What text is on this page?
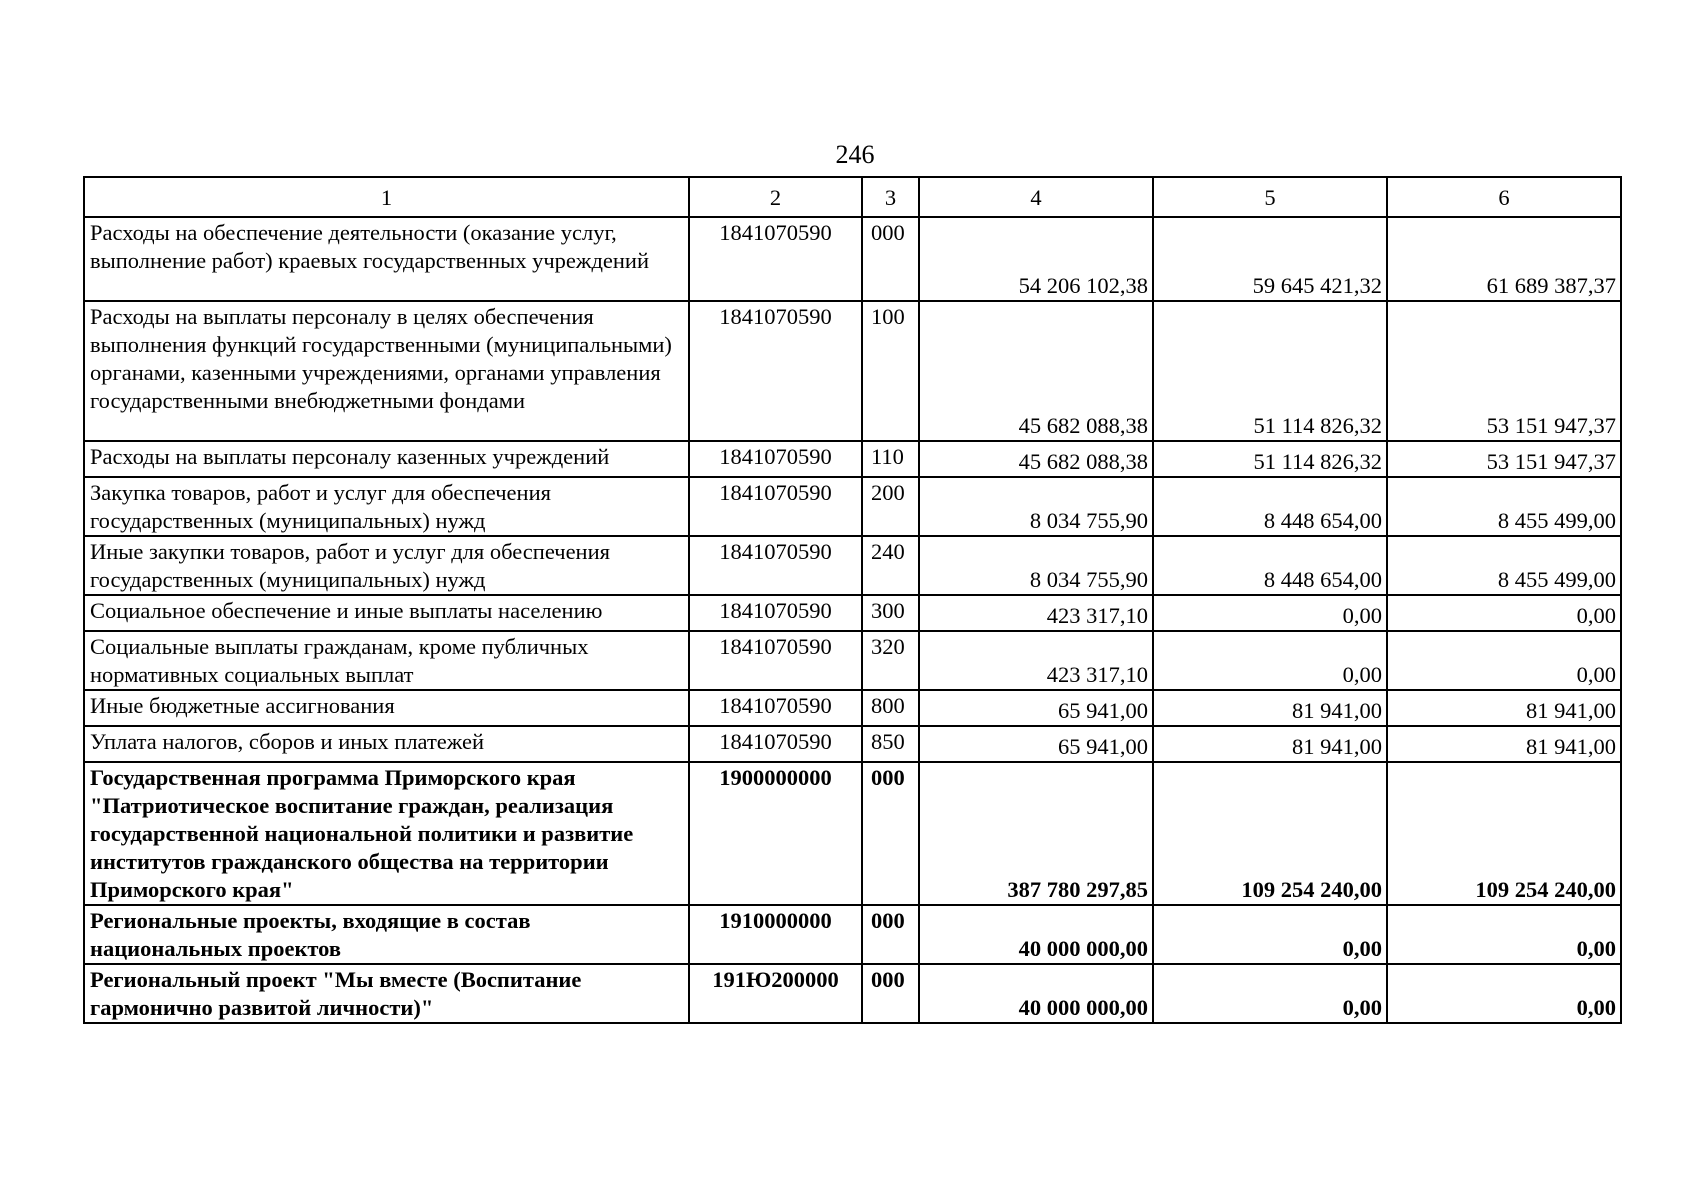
246
1	2	3	4	5	6
Расходы на обеспечение деятельности (оказание услуг, выполнение работ) краевых государственных учреждений	1841070590	000	54 206 102,38	59 645 421,32	61 689 387,37
Расходы на выплаты персоналу в целях обеспечения выполнения функций государственными (муниципальными) органами, казенными учреждениями, органами управления государственными внебюджетными фондами	1841070590	100	45 682 088,38	51 114 826,32	53 151 947,37
Расходы на выплаты персоналу казенных учреждений	1841070590	110	45 682 088,38	51 114 826,32	53 151 947,37
Закупка товаров, работ и услуг для обеспечения государственных (муниципальных) нужд	1841070590	200	8 034 755,90	8 448 654,00	8 455 499,00
Иные закупки товаров, работ и услуг для обеспечения государственных (муниципальных) нужд	1841070590	240	8 034 755,90	8 448 654,00	8 455 499,00
Социальное обеспечение и иные выплаты населению	1841070590	300	423 317,10	0,00	0,00
Социальные выплаты гражданам, кроме публичных нормативных социальных выплат	1841070590	320	423 317,10	0,00	0,00
Иные бюджетные ассигнования	1841070590	800	65 941,00	81 941,00	81 941,00
Уплата налогов, сборов и иных платежей	1841070590	850	65 941,00	81 941,00	81 941,00
Государственная программа Приморского края "Патриотическое воспитание граждан, реализация государственной национальной политики и развитие институтов гражданского общества на территории Приморского края"	1900000000	000	387 780 297,85	109 254 240,00	109 254 240,00
Региональные проекты, входящие в состав национальных проектов	1910000000	000	40 000 000,00	0,00	0,00
Региональный проект "Мы вместе (Воспитание гармонично развитой личности)"	191Ю200000	000	40 000 000,00	0,00	0,00
